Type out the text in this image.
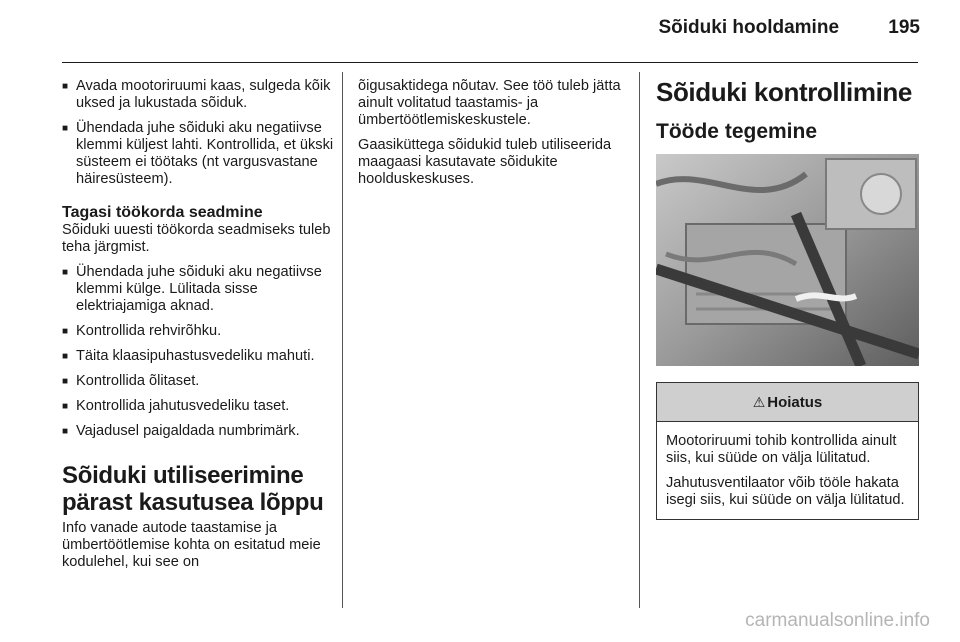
Sõiduki hooldamine	195
■ Avada mootoriruumi kaas, sulgeda kõik uksed ja lukustada sõiduk.
■ Ühendada juhe sõiduki aku negatiivse klemmi küljest lahti. Kontrollida, et ükski süsteem ei töötaks (nt vargusvastane häiresüsteem).
Tagasi töökorda seadmine

Sõiduki uuesti töökorda seadmiseks tuleb teha järgmist.

■ Ühendada juhe sõiduki aku negatiivse klemmi külge. Lülitada sisse elektriajamiga aknad.
■ Kontrollida rehvirõhku.
■ Täita klaasipuhastusvedeliku mahuti.
■ Kontrollida õlitaset.
■ Kontrollida jahutusvedeliku taset.
■ Vajadusel paigaldada numbrimärk.
Sõiduki utiliseerimine pärast kasutusea lõppu

Info vanade autode taastamise ja ümbertöötlemise kohta on esitatud meie kodulehel, kui see on

õigusaktidega nõutav. See töö tuleb jätta ainult volitatud taastamis- ja ümbertöötlemiskeskustele.

Gaasiküttega sõidukid tuleb utiliseerida maagaasi kasutavate sõidukite hoolduskeskuses.

Sõiduki kontrollimine
Tööde tegemine
⚠ Hoiatus

Mootoriruumi tohib kontrollida ainult siis, kui süüde on välja lülitatud.

Jahutusventilaator võib tööle hakata isegi siis, kui süüde on välja lülitatud.

carmanualsonline.info
